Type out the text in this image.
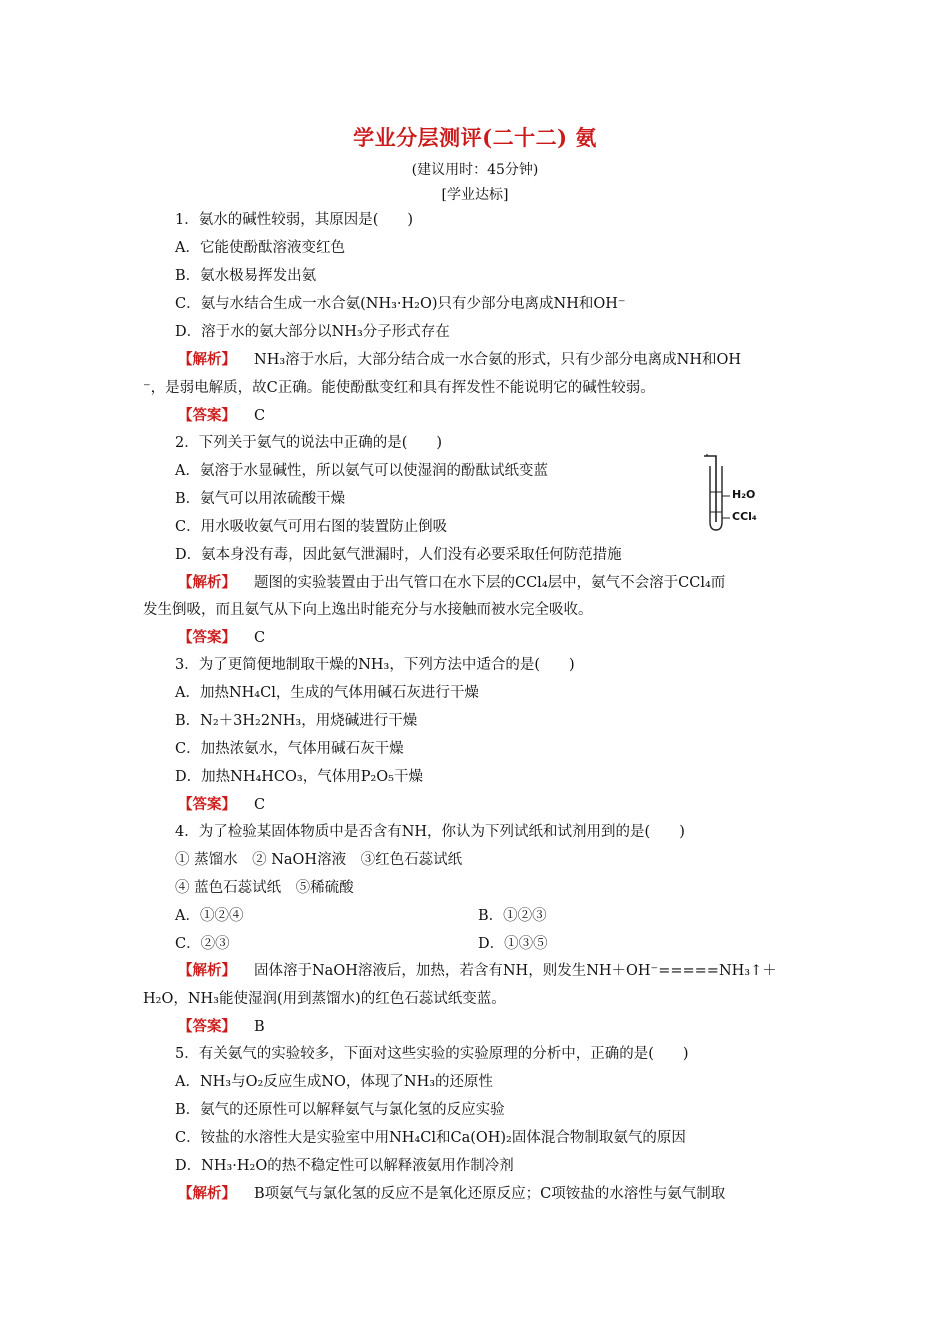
学业分层测评(二十二) 氨
(建议用时：45分钟)
[学业达标]
1．氨水的碱性较弱，其原因是(　　)
A．它能使酚酞溶液变红色
B．氨水极易挥发出氨
C．氨与水结合生成一水合氨(NH₃·H₂O)只有少部分电离成NH和OH⁻
D．溶于水的氨大部分以NH₃分子形式存在
【解析】 NH₃溶于水后，大部分结合成一水合氨的形式，只有少部分电离成NH和OH
⁻，是弱电解质，故C正确。能使酚酞变红和具有挥发性不能说明它的碱性较弱。
【答案】 C
2．下列关于氨气的说法中正确的是(　　)
A．氨溶于水显碱性，所以氨气可以使湿润的酚酞试纸变蓝
B．氨气可以用浓硫酸干燥
C．用水吸收氨气可用右图的装置防止倒吸
D．氨本身没有毒，因此氨气泄漏时，人们没有必要采取任何防范措施
H₂O
CCl₄
【解析】 题图的实验装置由于出气管口在水下层的CCl₄层中，氨气不会溶于CCl₄而
发生倒吸，而且氨气从下向上逸出时能充分与水接触而被水完全吸收。
【答案】 C
3．为了更简便地制取干燥的NH₃，下列方法中适合的是(　　)
A．加热NH₄Cl，生成的气体用碱石灰进行干燥
B．N₂＋3H₂2NH₃，用烧碱进行干燥
C．加热浓氨水，气体用碱石灰干燥
D．加热NH₄HCO₃，气体用P₂O₅干燥
【答案】 C
4．为了检验某固体物质中是否含有NH，你认为下列试纸和试剂用到的是(　　)
① 蒸馏水　② NaOH溶液　③红色石蕊试纸
④ 蓝色石蕊试纸　⑤稀硫酸
A．①②④	B．①②③
C．②③	D．①③⑤
【解析】 固体溶于NaOH溶液后，加热，若含有NH，则发生NH＋OH⁻=====NH₃↑＋
H₂O，NH₃能使湿润(用到蒸馏水)的红色石蕊试纸变蓝。
【答案】 B
5．有关氨气的实验较多，下面对这些实验的实验原理的分析中，正确的是(　　)
A．NH₃与O₂反应生成NO，体现了NH₃的还原性
B．氨气的还原性可以解释氨气与氯化氢的反应实验
C．铵盐的水溶性大是实验室中用NH₄Cl和Ca(OH)₂固体混合物制取氨气的原因
D．NH₃·H₂O的热不稳定性可以解释液氨用作制冷剂
【解析】 B项氨气与氯化氢的反应不是氧化还原反应；C项铵盐的水溶性与氨气制取
